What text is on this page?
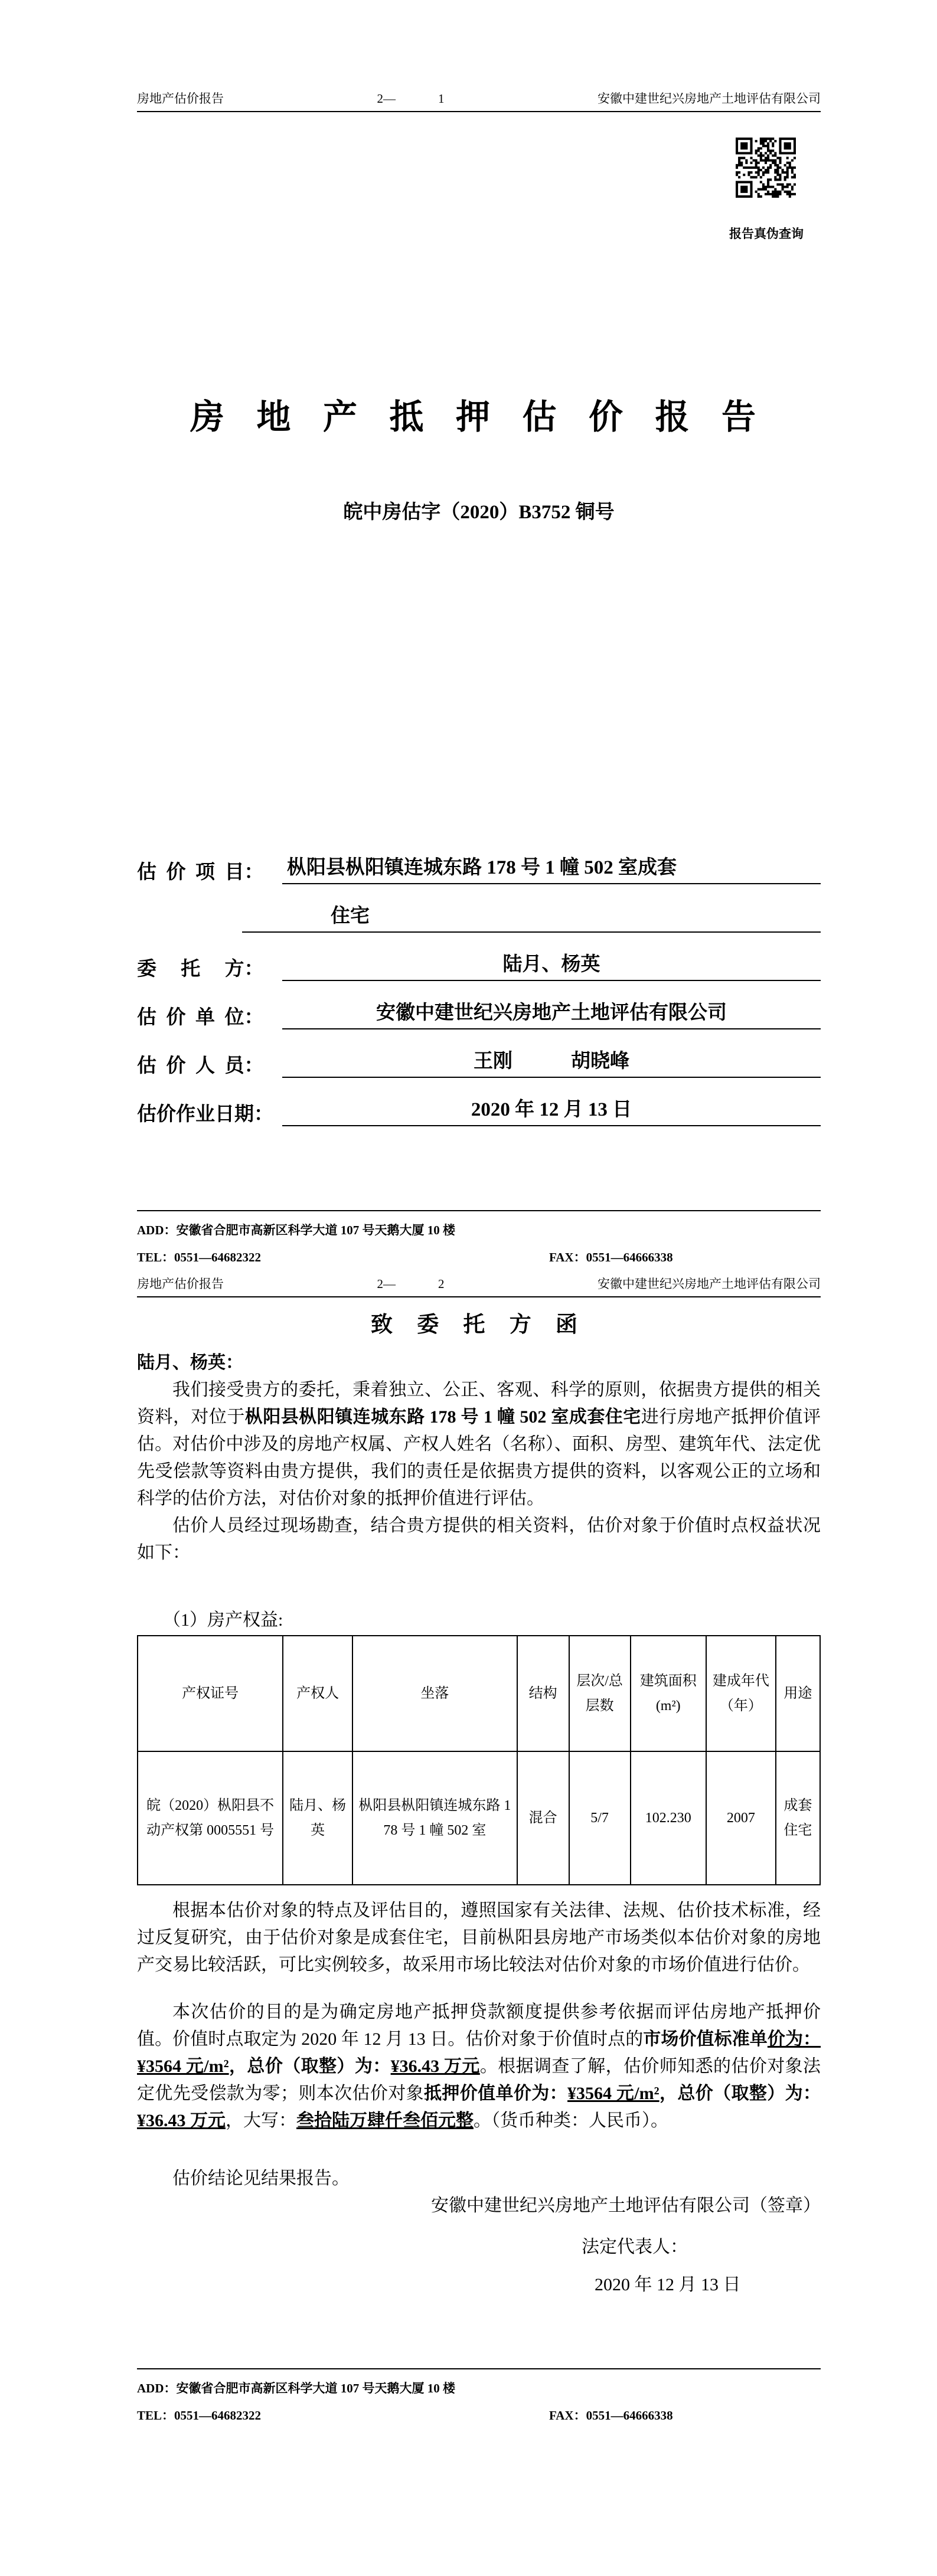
报告真伪查询
房地产估价报告	2—	1	安徽中建世纪兴房地产土地评估有限公司
房 地 产 抵 押 估 价 报 告
皖中房估字（2020）B3752 铜号
估  价  项  目：	枞阳县枞阳镇连城东路 178 号 1 幢 502 室成套
住宅
委　 托　 方：	陆月、杨英
估  价  单  位：	安徽中建世纪兴房地产土地评估有限公司
估  价  人  员：	王刚　　　胡晓峰
估价作业日期：	2020 年 12 月 13 日
ADD：安徽省合肥市高新区科学大道 107 号天鹅大厦 10 楼
TEL：0551—64682322	FAX：0551—64666338
房地产估价报告	2—	2	安徽中建世纪兴房地产土地评估有限公司
致 委 托 方 函
陆月、杨英：

我们接受贵方的委托，秉着独立、公正、客观、科学的原则，依据贵方提供的相关资料，对位于枞阳县枞阳镇连城东路 178 号 1 幢 502 室成套住宅进行房地产抵押价值评估。对估价中涉及的房地产权属、产权人姓名（名称）、面积、房型、建筑年代、法定优先受偿款等资料由贵方提供，我们的责任是依据贵方提供的资料，以客观公正的立场和科学的估价方法，对估价对象的抵押价值进行评估。

估价人员经过现场勘查，结合贵方提供的相关资料，估价对象于价值时点权益状况如下：

（1）房产权益:
产权证号	产权人	坐落	结构	层次/总层数	建筑面积(m²)	建成年代（年）	用途
皖（2020）枞阳县不动产权第 0005551 号	陆月、杨英	枞阳县枞阳镇连城东路 178 号 1 幢 502 室	混合	5/7	102.230	2007	成套住宅

根据本估价对象的特点及评估目的，遵照国家有关法律、法规、估价技术标准，经过反复研究，由于估价对象是成套住宅，目前枞阳县房地产市场类似本估价对象的房地产交易比较活跃，可比实例较多，故采用市场比较法对估价对象的市场价值进行估价。

本次估价的目的是为确定房地产抵押贷款额度提供参考依据而评估房地产抵押价值。价值时点取定为 2020 年 12 月 13 日。估价对象于价值时点的市场价值标准单价为：¥3564 元/m²，总价（取整）为：¥36.43 万元。根据调查了解，估价师知悉的估价对象法定优先受偿款为零；则本次估价对象抵押价值单价为：¥3564 元/m²，总价（取整）为：¥36.43 万元，大写：叁拾陆万肆仟叁佰元整。（货币种类：人民币）。

估价结论见结果报告。

安徽中建世纪兴房地产土地评估有限公司（签章）
法定代表人：
2020 年 12 月 13 日
ADD：安徽省合肥市高新区科学大道 107 号天鹅大厦 10 楼
TEL：0551—64682322	FAX：0551—64666338
